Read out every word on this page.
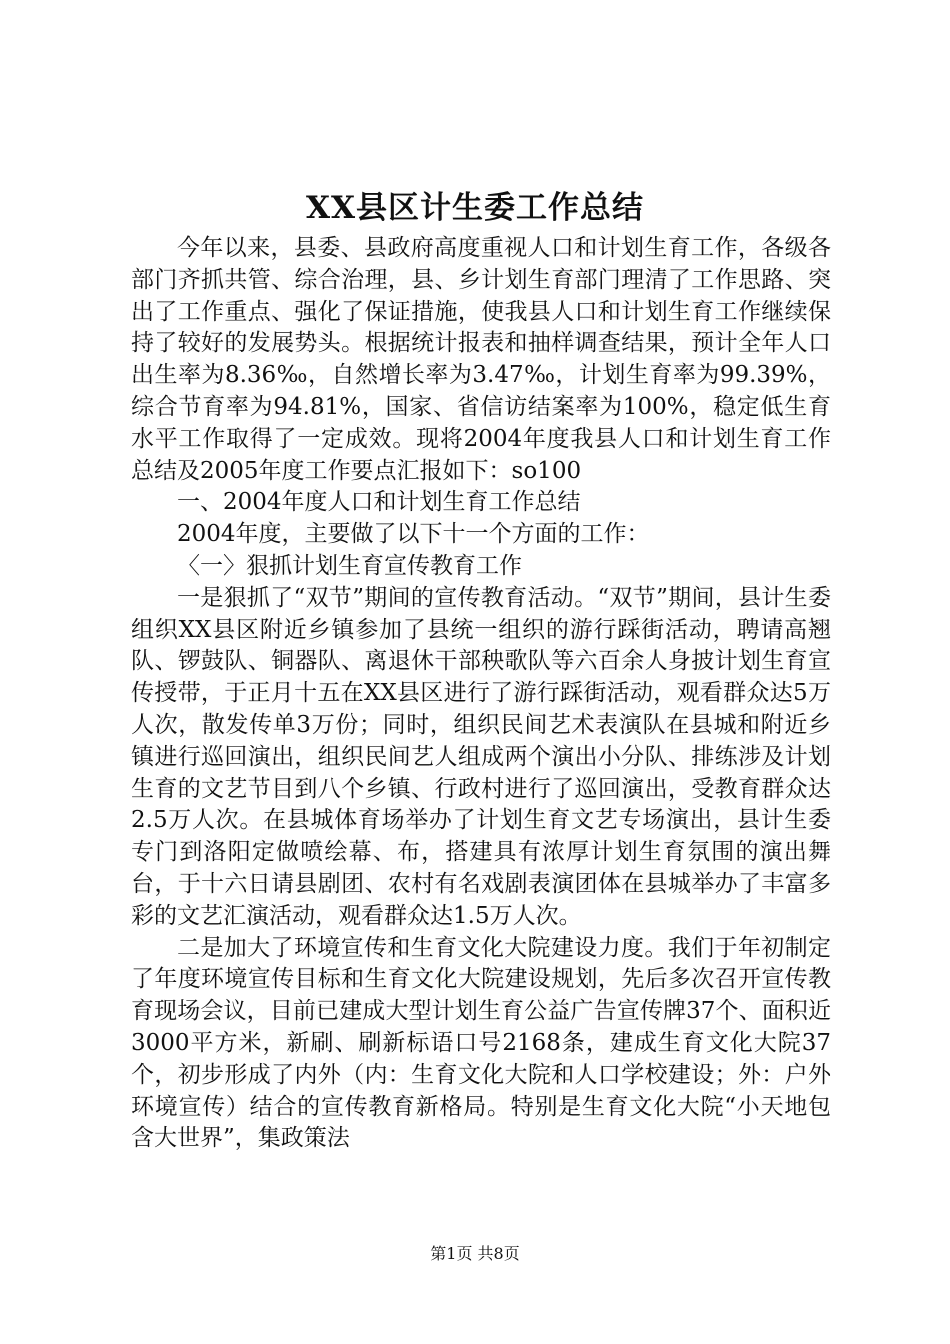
XX县区计生委工作总结

今年以来，县委、县政府高度重视人口和计划生育工作，各级各部门齐抓共管、综合治理，县、乡计划生育部门理清了工作思路、突出了工作重点、强化了保证措施，使我县人口和计划生育工作继续保持了较好的发展势头。根据统计报表和抽样调查结果，预计全年人口出生率为8.36‰，自然增长率为3.47‰，计划生育率为99.39%，综合节育率为94.81%，国家、省信访结案率为100%，稳定低生育水平工作取得了一定成效。现将2004年度我县人口和计划生育工作总结及2005年度工作要点汇报如下：so100

一、2004年度人口和计划生育工作总结

2004年度，主要做了以下十一个方面的工作：

〈一〉狠抓计划生育宣传教育工作

一是狠抓了“双节”期间的宣传教育活动。“双节”期间，县计生委组织XX县区附近乡镇参加了县统一组织的游行踩街活动，聘请高翘队、锣鼓队、铜器队、离退休干部秧歌队等六百余人身披计划生育宣传授带，于正月十五在XX县区进行了游行踩街活动，观看群众达5万人次，散发传单3万份；同时，组织民间艺术表演队在县城和附近乡镇进行巡回演出，组织民间艺人组成两个演出小分队、排练涉及计划生育的文艺节目到八个乡镇、行政村进行了巡回演出，受教育群众达2.5万人次。在县城体育场举办了计划生育文艺专场演出，县计生委专门到洛阳定做喷绘幕、布，搭建具有浓厚计划生育氛围的演出舞台，于十六日请县剧团、农村有名戏剧表演团体在县城举办了丰富多彩的文艺汇演活动，观看群众达1.5万人次。

二是加大了环境宣传和生育文化大院建设力度。我们于年初制定了年度环境宣传目标和生育文化大院建设规划，先后多次召开宣传教育现场会议，目前已建成大型计划生育公益广告宣传牌37个、面积近3000平方米，新刷、刷新标语口号2168条，建成生育文化大院37个，初步形成了内外（内：生育文化大院和人口学校建设；外：户外环境宣传）结合的宣传教育新格局。特别是生育文化大院“小天地包含大世界”，集政策法

第1页 共8页
